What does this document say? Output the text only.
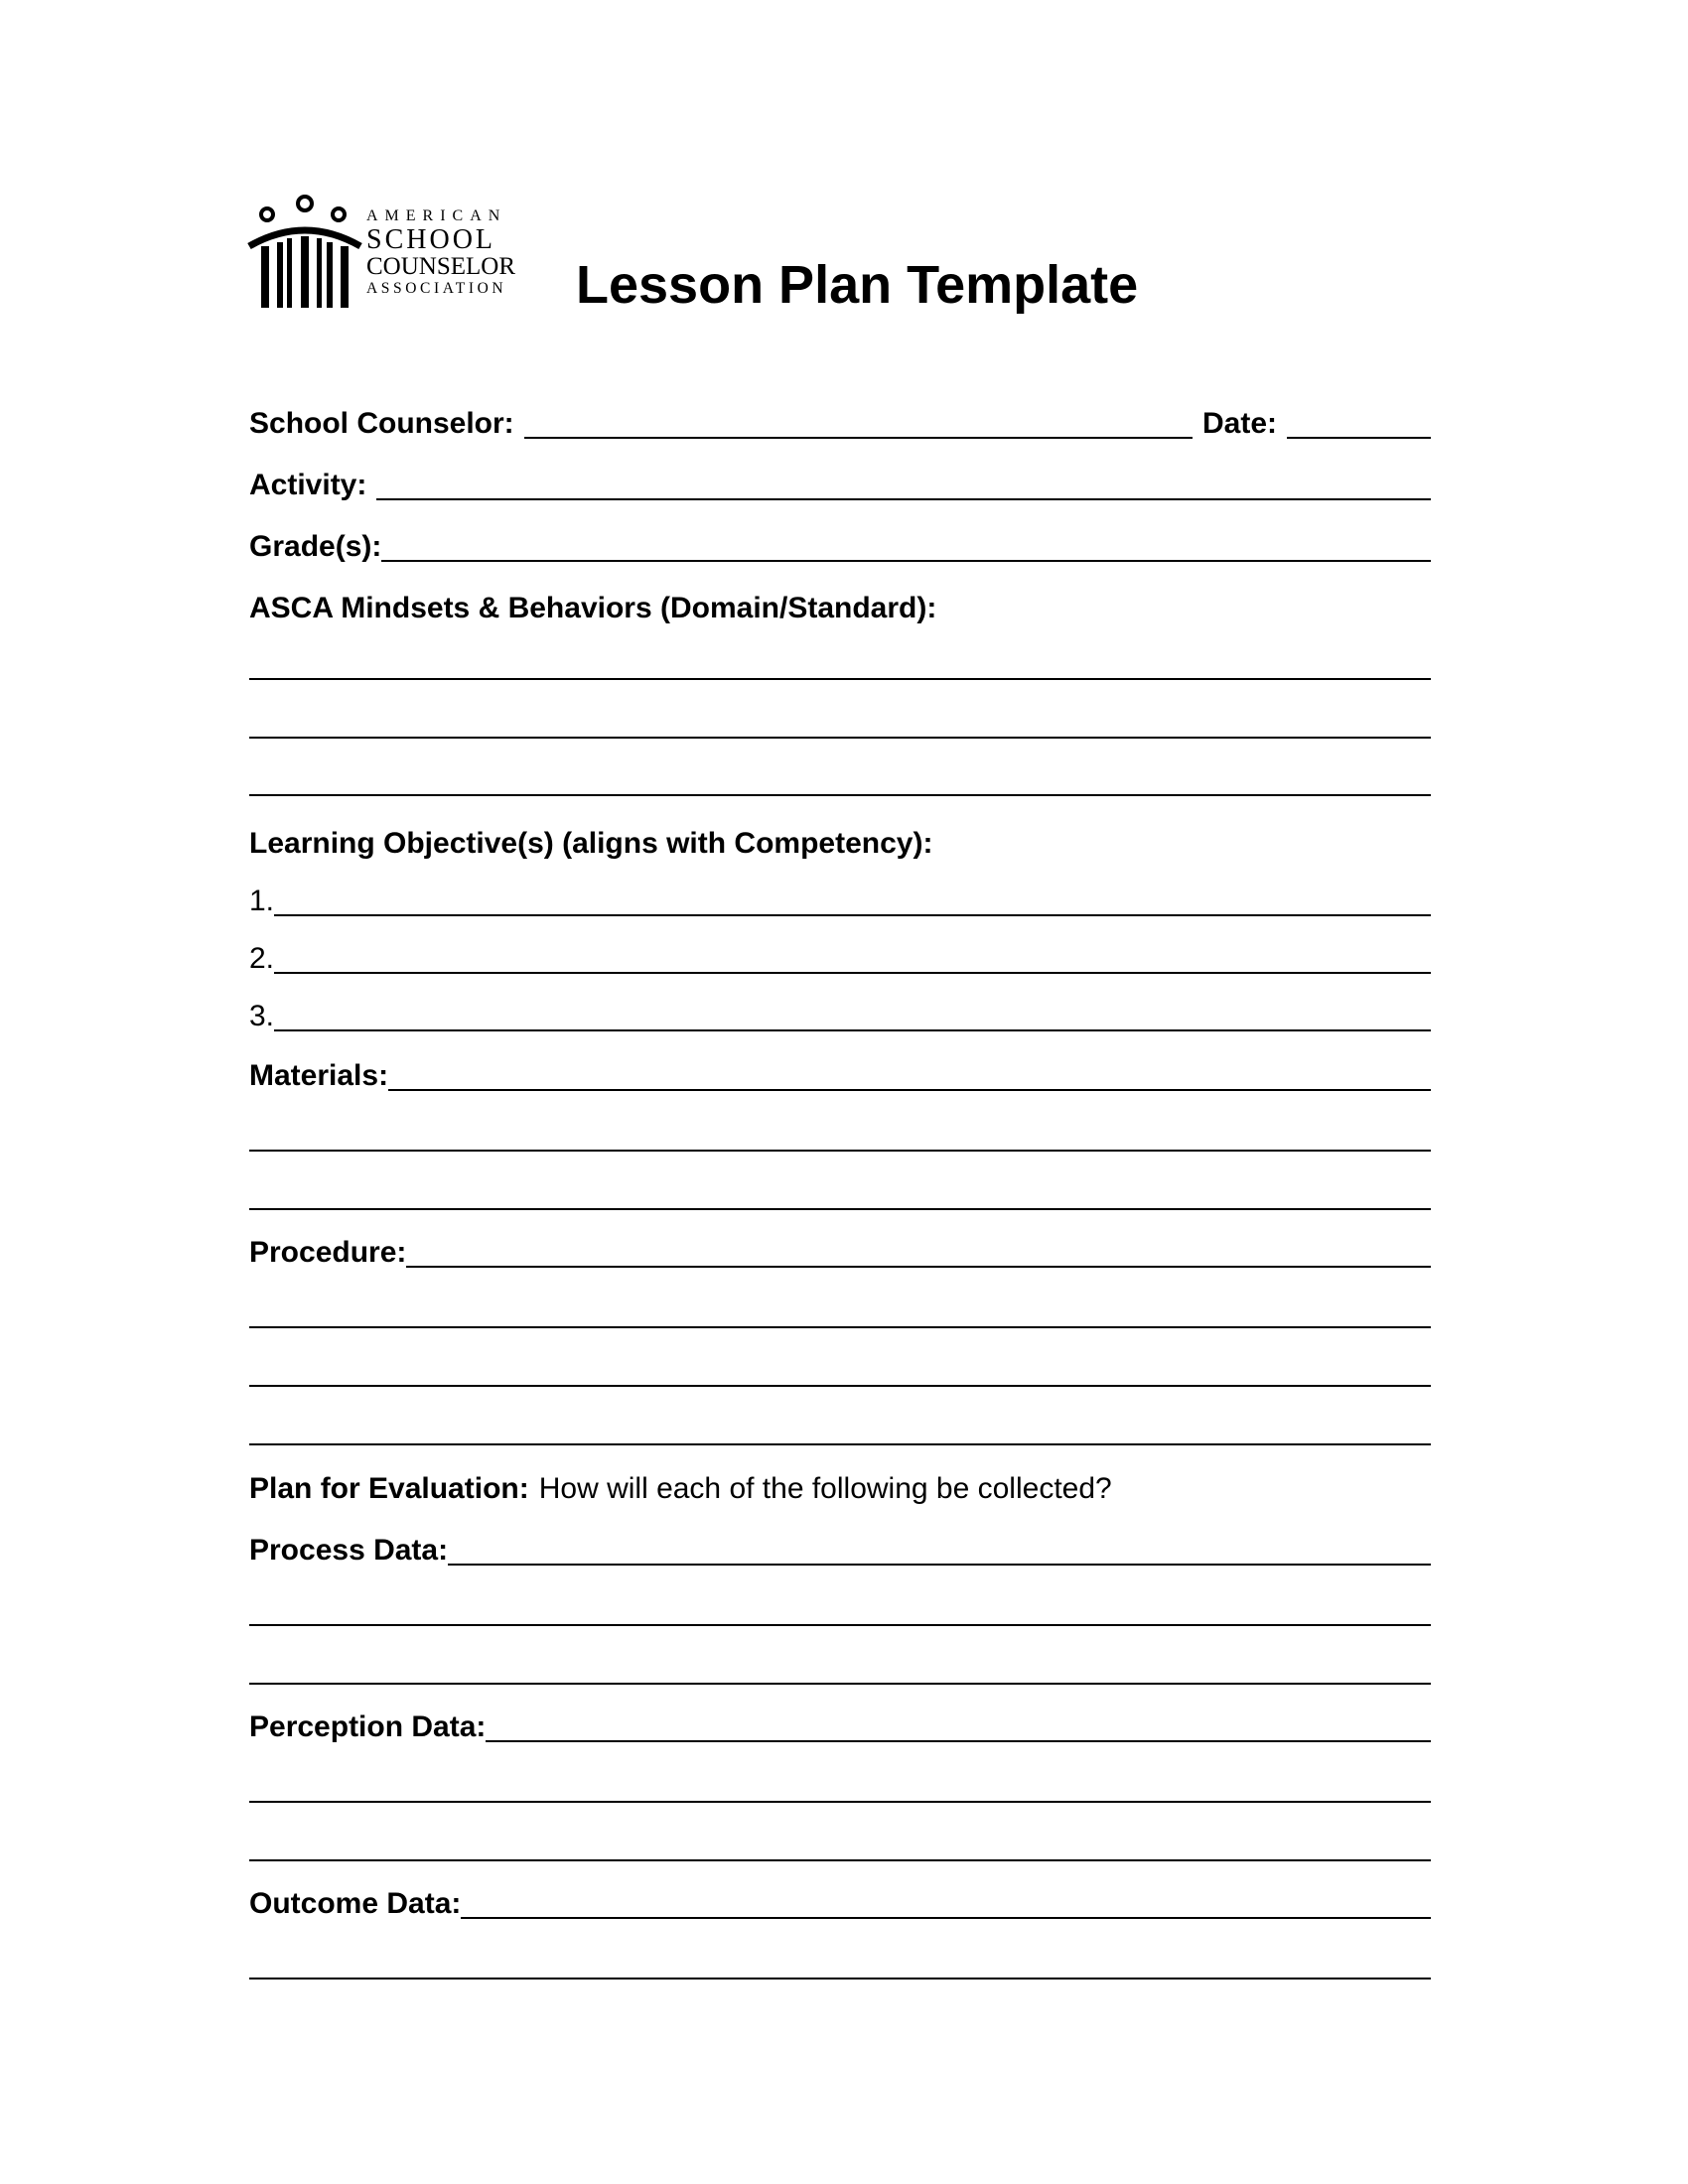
AMERICAN
SCHOOL
COUNSELOR
ASSOCIATION	Lesson Plan Template
School Counselor:	Date:
Activity:
Grade(s):
ASCA Mindsets & Behaviors (Domain/Standard):
Learning Objective(s) (aligns with Competency):
1.
2.
3.
Materials:
Procedure:
Plan for Evaluation: How will each of the following be collected?
Process Data:
Perception Data:
Outcome Data:
